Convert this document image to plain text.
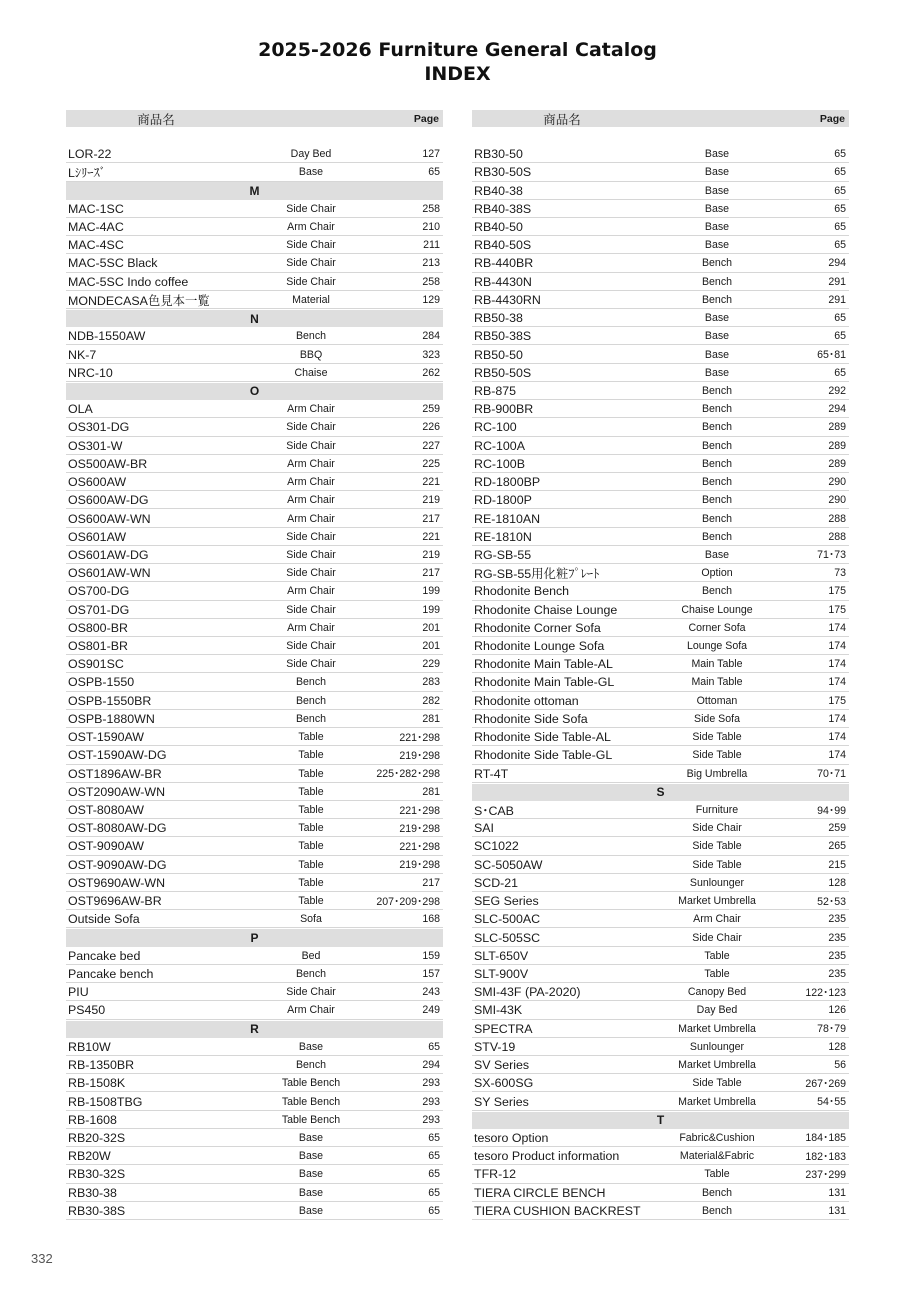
2025-2026 Furniture General Catalog
INDEX
商品名	Page
LOR-22	Day Bed	127
Lｼﾘｰｽﾞ	Base	65
M
MAC-1SC	Side Chair	258
MAC-4AC	Arm Chair	210
MAC-4SC	Side Chair	211
MAC-5SC Black	Side Chair	213
MAC-5SC Indo coffee	Side Chair	258
MONDECASA色見本一覧	Material	129
N
NDB-1550AW	Bench	284
NK-7	BBQ	323
NRC-10	Chaise	262
O
OLA	Arm Chair	259
OS301-DG	Side Chair	226
OS301-W	Side Chair	227
OS500AW-BR	Arm Chair	225
OS600AW	Arm Chair	221
OS600AW-DG	Arm Chair	219
OS600AW-WN	Arm Chair	217
OS601AW	Side Chair	221
OS601AW-DG	Side Chair	219
OS601AW-WN	Side Chair	217
OS700-DG	Arm Chair	199
OS701-DG	Side Chair	199
OS800-BR	Arm Chair	201
OS801-BR	Side Chair	201
OS901SC	Side Chair	229
OSPB-1550	Bench	283
OSPB-1550BR	Bench	282
OSPB-1880WN	Bench	281
OST-1590AW	Table	221･298
OST-1590AW-DG	Table	219･298
OST1896AW-BR	Table	225･282･298
OST2090AW-WN	Table	281
OST-8080AW	Table	221･298
OST-8080AW-DG	Table	219･298
OST-9090AW	Table	221･298
OST-9090AW-DG	Table	219･298
OST9690AW-WN	Table	217
OST9696AW-BR	Table	207･209･298
Outside Sofa	Sofa	168
P
Pancake bed	Bed	159
Pancake bench	Bench	157
PIU	Side Chair	243
PS450	Arm Chair	249
R
RB10W	Base	65
RB-1350BR	Bench	294
RB-1508K	Table Bench	293
RB-1508TBG	Table Bench	293
RB-1608	Table Bench	293
RB20-32S	Base	65
RB20W	Base	65
RB30-32S	Base	65
RB30-38	Base	65
RB30-38S	Base	65
商品名	Page
RB30-50	Base	65
RB30-50S	Base	65
RB40-38	Base	65
RB40-38S	Base	65
RB40-50	Base	65
RB40-50S	Base	65
RB-440BR	Bench	294
RB-4430N	Bench	291
RB-4430RN	Bench	291
RB50-38	Base	65
RB50-38S	Base	65
RB50-50	Base	65･81
RB50-50S	Base	65
RB-875	Bench	292
RB-900BR	Bench	294
RC-100	Bench	289
RC-100A	Bench	289
RC-100B	Bench	289
RD-1800BP	Bench	290
RD-1800P	Bench	290
RE-1810AN	Bench	288
RE-1810N	Bench	288
RG-SB-55	Base	71･73
RG-SB-55用化粧ﾌﾟﾚｰﾄ	Option	73
Rhodonite Bench	Bench	175
Rhodonite Chaise Lounge	Chaise Lounge	175
Rhodonite Corner Sofa	Corner Sofa	174
Rhodonite Lounge Sofa	Lounge Sofa	174
Rhodonite Main Table-AL	Main Table	174
Rhodonite Main Table-GL	Main Table	174
Rhodonite ottoman	Ottoman	175
Rhodonite Side Sofa	Side Sofa	174
Rhodonite Side Table-AL	Side Table	174
Rhodonite Side Table-GL	Side Table	174
RT-4T	Big Umbrella	70･71
S
S･CAB	Furniture	94･99
SAI	Side Chair	259
SC1022	Side Table	265
SC-5050AW	Side Table	215
SCD-21	Sunlounger	128
SEG Series	Market Umbrella	52･53
SLC-500AC	Arm Chair	235
SLC-505SC	Side Chair	235
SLT-650V	Table	235
SLT-900V	Table	235
SMI-43F (PA-2020)	Canopy Bed	122･123
SMI-43K	Day Bed	126
SPECTRA	Market Umbrella	78･79
STV-19	Sunlounger	128
SV Series	Market Umbrella	56
SX-600SG	Side Table	267･269
SY Series	Market Umbrella	54･55
T
tesoro Option	Fabric&Cushion	184･185
tesoro Product information	Material&Fabric	182･183
TFR-12	Table	237･299
TIERA CIRCLE BENCH	Bench	131
TIERA CUSHION BACKREST	Bench	131
332
